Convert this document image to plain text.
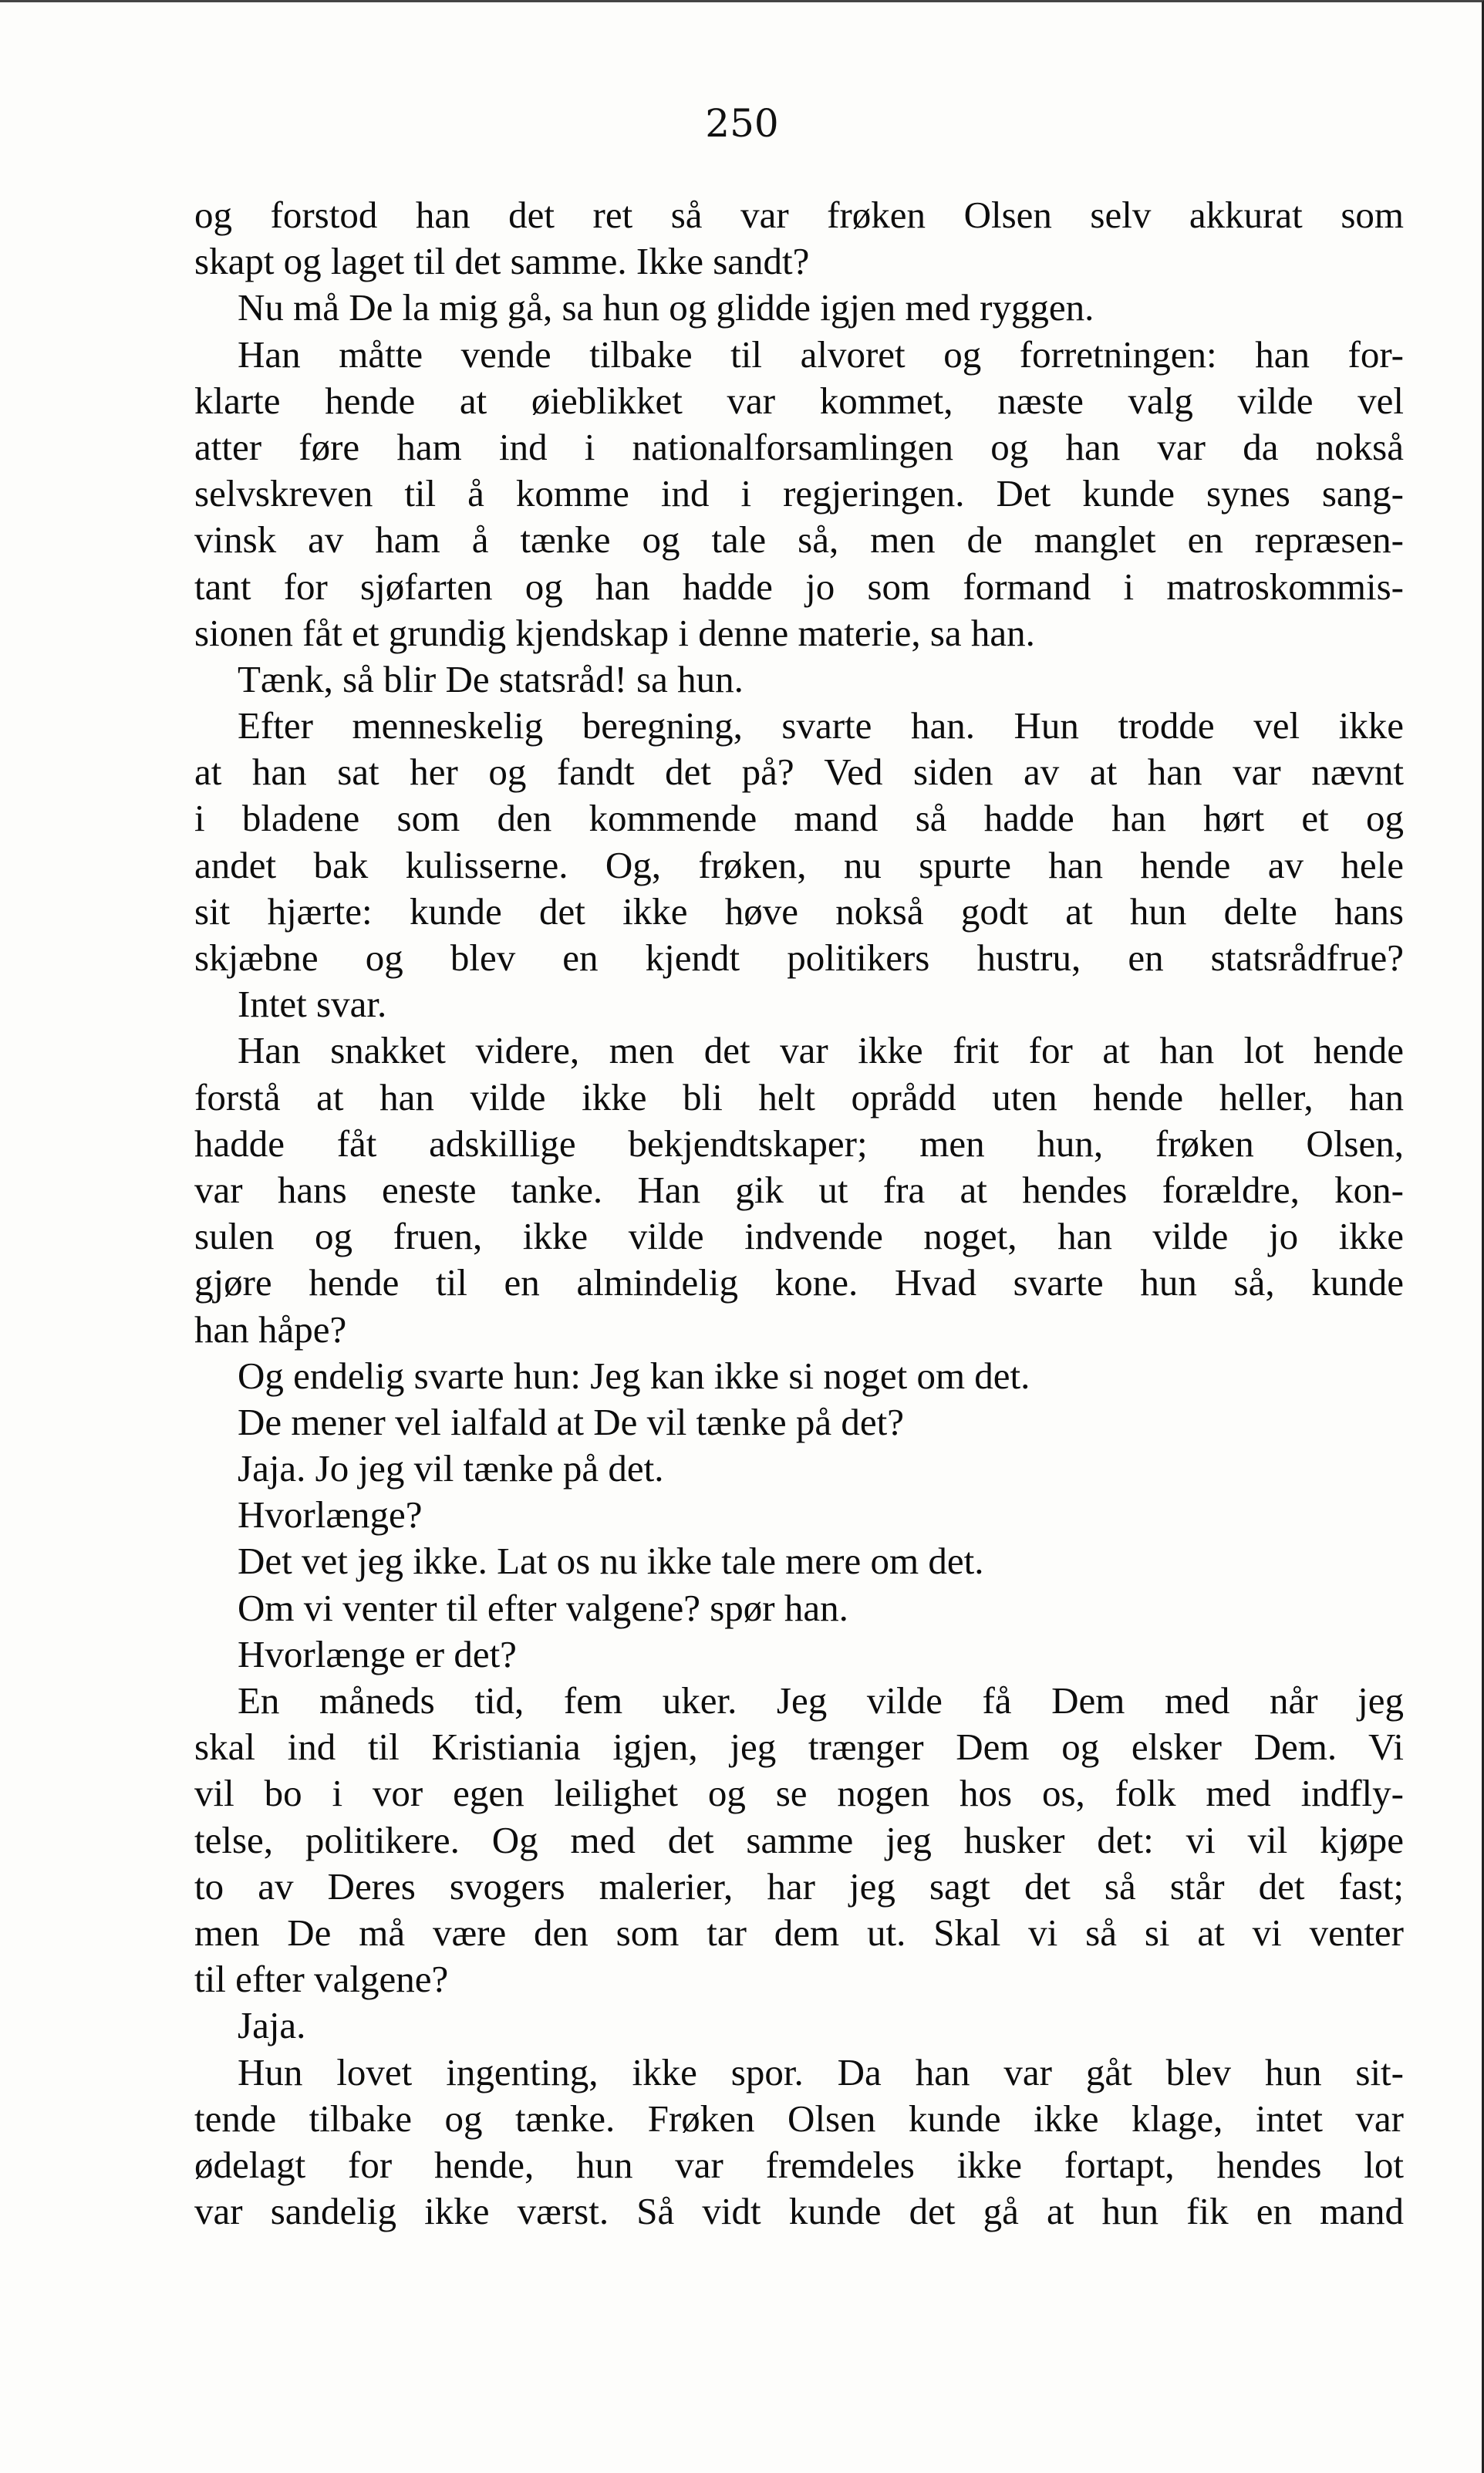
250
og forstod han det ret så var frøken Olsen selv akkurat som
skapt og laget til det samme. Ikke sandt?
Nu må De la mig gå, sa hun og glidde igjen med ryggen.
Han måtte vende tilbake til alvoret og forretningen: han for-
klarte hende at øieblikket var kommet, næste valg vilde vel
atter føre ham ind i nationalforsamlingen og han var da nokså
selvskreven til å komme ind i regjeringen. Det kunde synes sang-
vinsk av ham å tænke og tale så, men de manglet en repræsen-
tant for sjøfarten og han hadde jo som formand i matroskommis-
sionen fåt et grundig kjendskap i denne materie, sa han.
Tænk, så blir De statsråd! sa hun.
Efter menneskelig beregning, svarte han. Hun trodde vel ikke
at han sat her og fandt det på? Ved siden av at han var nævnt
i bladene som den kommende mand så hadde han hørt et og
andet bak kulisserne. Og, frøken, nu spurte han hende av hele
sit hjærte: kunde det ikke høve nokså godt at hun delte hans
skjæbne og blev en kjendt politikers hustru, en statsrådfrue?
Intet svar.
Han snakket videre, men det var ikke frit for at han lot hende
forstå at han vilde ikke bli helt oprådd uten hende heller, han
hadde fåt adskillige bekjendtskaper; men hun, frøken Olsen,
var hans eneste tanke. Han gik ut fra at hendes forældre, kon-
sulen og fruen, ikke vilde indvende noget, han vilde jo ikke
gjøre hende til en almindelig kone. Hvad svarte hun så, kunde
han håpe?
Og endelig svarte hun: Jeg kan ikke si noget om det.
De mener vel ialfald at De vil tænke på det?
Jaja. Jo jeg vil tænke på det.
Hvorlænge?
Det vet jeg ikke. Lat os nu ikke tale mere om det.
Om vi venter til efter valgene? spør han.
Hvorlænge er det?
En måneds tid, fem uker. Jeg vilde få Dem med når jeg
skal ind til Kristiania igjen, jeg trænger Dem og elsker Dem. Vi
vil bo i vor egen leilighet og se nogen hos os, folk med indfly-
telse, politikere. Og med det samme jeg husker det: vi vil kjøpe
to av Deres svogers malerier, har jeg sagt det så står det fast;
men De må være den som tar dem ut. Skal vi så si at vi venter
til efter valgene?
Jaja.
Hun lovet ingenting, ikke spor. Da han var gåt blev hun sit-
tende tilbake og tænke. Frøken Olsen kunde ikke klage, intet var
ødelagt for hende, hun var fremdeles ikke fortapt, hendes lot
var sandelig ikke værst. Så vidt kunde det gå at hun fik en mand
